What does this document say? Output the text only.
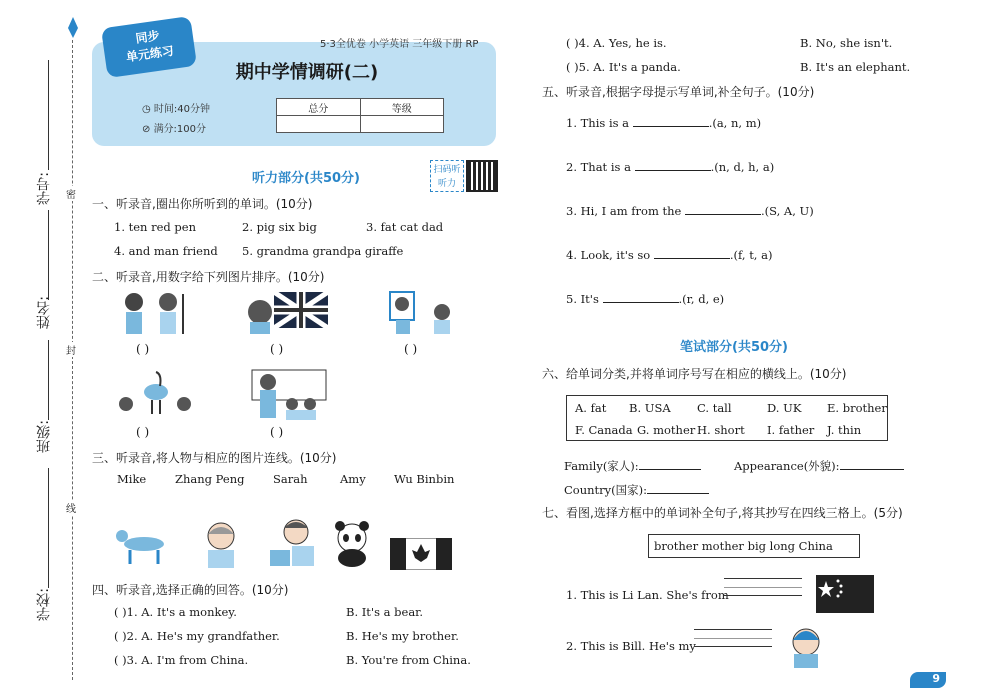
学号:
姓名:
班级:
学校:
密
封
线
同步
单元练习	5·3全优卷 小学英语 三年级下册 RP
期中学情调研(二)
◷ 时间:40分钟
⊘ 满分:100分
总分	等级

听力部分(共50分)
扫码听听力
一、听录音,圈出你所听到的单词。(10分)
1. ten red pen	2. pig six big	3. fat cat dad
4. and man friend 5. grandma grandpa giraffe
二、听录音,用数字给下列图片排序。(10分)
( )	( )	( )
( )	( )
三、听录音,将人物与相应的图片连线。(10分)
Mike	Zhang Peng Sarah	Amy Wu Binbin
四、听录音,选择正确的回答。(10分)
( )1. A. It's a monkey.	B. It's a bear.
( )2. A. He's my grandfather.	B. He's my brother.
( )3. A. I'm from China.	B. You're from China.
( )4. A. Yes, he is.	B. No, she isn't.
( )5. A. It's a panda.	B. It's an elephant.
五、听录音,根据字母提示写单词,补全句子。(10分)
1. This is a	.(a, n, m)
2. That is a	.(n, d, h, a)
3. Hi, I am from the	.(S, A, U)
4. Look, it's so	.(f, t, a)
5. It's	.(r, d, e)
笔试部分(共50分)
六、给单词分类,并将单词序号写在相应的横线上。(10分)
A. fat B. USA C. tall	D. UK E. brother
F. Canada G. mother H. short I. father J. thin
Family(家人):	Appearance(外貌):
Country(国家):
七、看图,选择方框中的单词补全句子,将其抄写在四线三格上。(5分)
brother mother big long China
1. This is Li Lan. She's from
2. This is Bill. He's my
9
